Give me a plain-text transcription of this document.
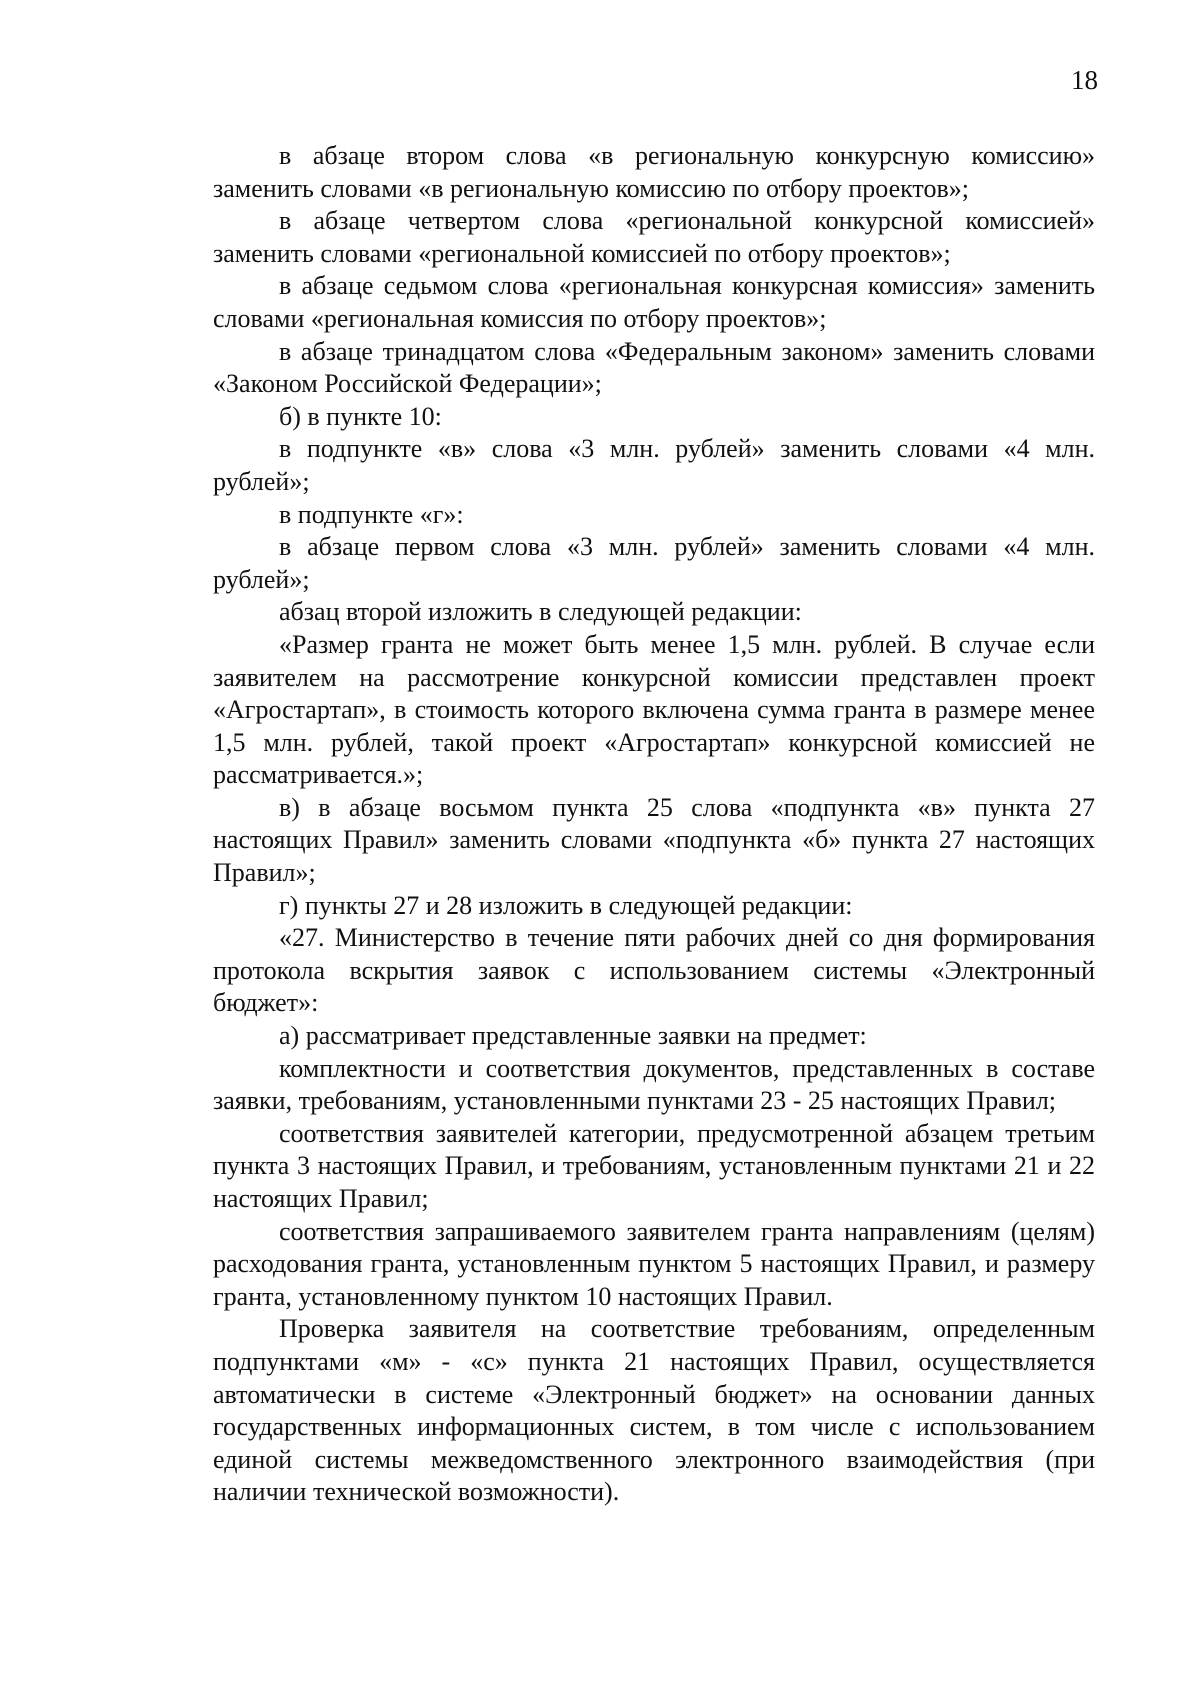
18

в абзаце втором слова «в региональную конкурсную комиссию» заменить словами «в региональную комиссию по отбору проектов»;

в абзаце четвертом слова «региональной конкурсной комиссией» заменить словами «региональной комиссией по отбору проектов»;

в абзаце седьмом слова «региональная конкурсная комиссия» заменить словами «региональная комиссия по отбору проектов»;

в абзаце тринадцатом слова «Федеральным законом» заменить словами «Законом Российской Федерации»;

б) в пункте 10:

в подпункте «в» слова «3 млн. рублей» заменить словами «4 млн. рублей»;

в подпункте «г»:

в абзаце первом слова «3 млн. рублей» заменить словами «4 млн. рублей»;

абзац второй изложить в следующей редакции:

«Размер гранта не может быть менее 1,5 млн. рублей. В случае если заявителем на рассмотрение конкурсной комиссии представлен проект «Агростартап», в стоимость которого включена сумма гранта в размере менее 1,5 млн. рублей, такой проект «Агростартап» конкурсной комиссией не рассматривается.»;

в) в абзаце восьмом пункта 25 слова «подпункта «в» пункта 27 настоящих Правил» заменить словами «подпункта «б» пункта 27 настоящих Правил»;

г) пункты 27 и 28 изложить в следующей редакции:

«27. Министерство в течение пяти рабочих дней со дня формирования протокола вскрытия заявок с использованием системы «Электронный бюджет»:

а) рассматривает представленные заявки на предмет:

комплектности и соответствия документов, представленных в составе заявки, требованиям, установленными пунктами 23 - 25 настоящих Правил;

соответствия заявителей категории, предусмотренной абзацем третьим пункта 3 настоящих Правил, и требованиям, установленным пунктами 21 и 22 настоящих Правил;

соответствия запрашиваемого заявителем гранта направлениям (целям) расходования гранта, установленным пунктом 5 настоящих Правил, и размеру гранта, установленному пунктом 10 настоящих Правил.

Проверка заявителя на соответствие требованиям, определенным подпунктами «м» - «с» пункта 21 настоящих Правил, осуществляется автоматически в системе «Электронный бюджет» на основании данных государственных информационных систем, в том числе с использованием единой системы межведомственного электронного взаимодействия (при наличии технической возможности).
